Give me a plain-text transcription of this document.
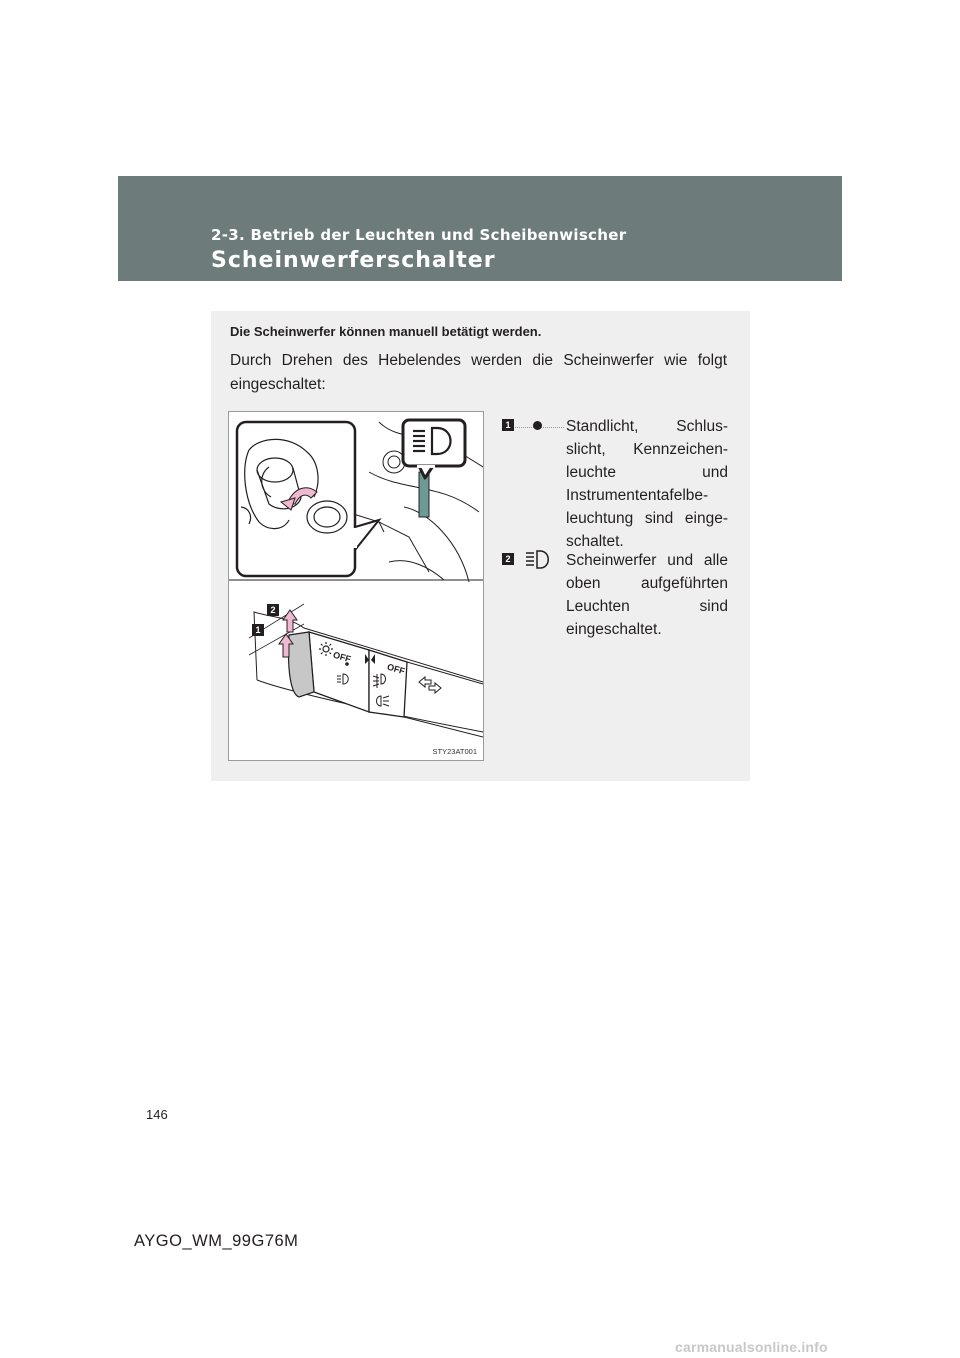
2-3. Betrieb der Leuchten und Scheibenwischer
Scheinwerferschalter
Die Scheinwerfer können manuell betätigt werden.
Durch Drehen des Hebelendes werden die Scheinwerfer wie folgt eingeschaltet:
2
1
OFF
OFF
STY23AT001
1	Standlicht, Schlusslicht, Kennzeichenleuchte und Instrumententafelbeleuchtung sind eingeschaltet.
2	Scheinwerfer und alle oben aufgeführten Leuchten sind eingeschaltet.
146
AYGO_WM_99G76M
carmanualsonline.info
